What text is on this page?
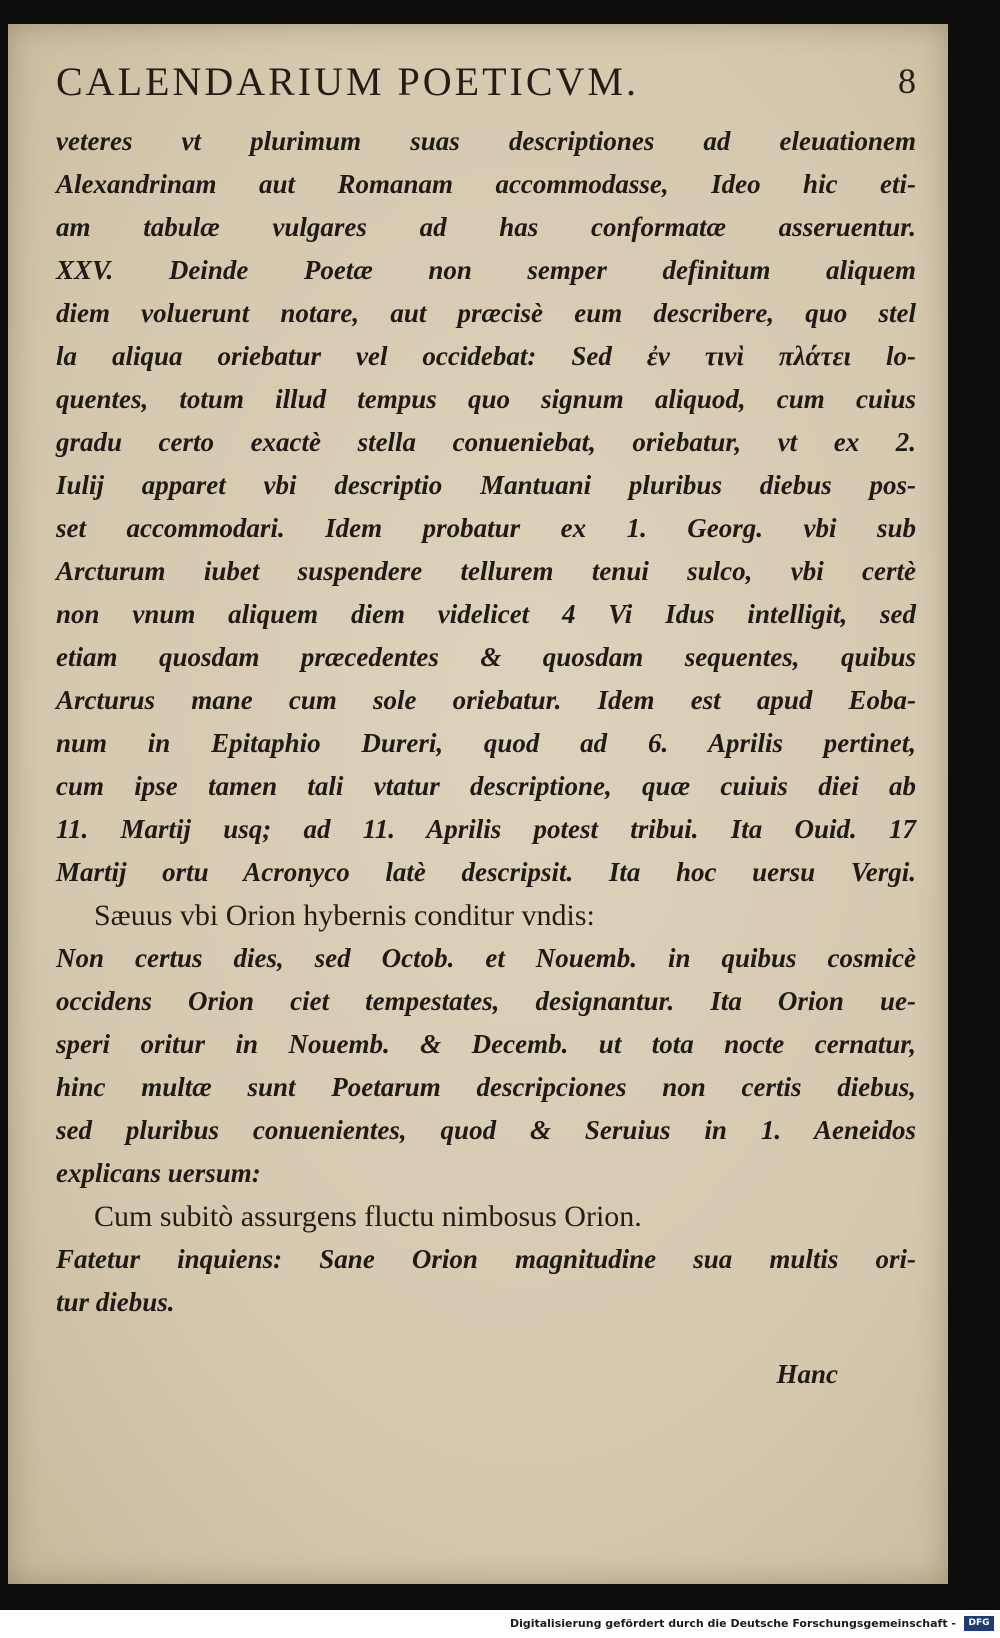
CALENDARIUM POETICVM.	8
veteres vt plurimum suas descriptiones ad eleuationem
Alexandrinam aut Romanam accommodasse, Ideo hic eti-
am tabulæ vulgares ad has conformatæ asseruentur.
XXV. Deinde Poetæ non semper definitum aliquem
diem voluerunt notare, aut præcisè eum describere, quo stel
la aliqua oriebatur vel occidebat: Sed ἐν τινὶ πλάτει lo-
quentes, totum illud tempus quo signum aliquod, cum cuius
gradu certo exactè stella conueniebat, oriebatur, vt ex 2.
Iulij apparet vbi descriptio Mantuani pluribus diebus pos-
set accommodari. Idem probatur ex 1. Georg. vbi sub
Arcturum iubet suspendere tellurem tenui sulco, vbi certè
non vnum aliquem diem videlicet 4 Vi Idus intelligit, sed
etiam quosdam præcedentes & quosdam sequentes, quibus
Arcturus mane cum sole oriebatur. Idem est apud Eoba-
num in Epitaphio Dureri, quod ad 6. Aprilis pertinet,
cum ipse tamen tali vtatur descriptione, quæ cuiuis diei ab
11. Martij usq; ad 11. Aprilis potest tribui. Ita Ouid. 17
Martij ortu Acronyco latè descripsit. Ita hoc uersu Vergi.
Sæuus vbi Orion hybernis conditur vndis:
Non certus dies, sed Octob. et Nouemb. in quibus cosmicè
occidens Orion ciet tempestates, designantur. Ita Orion ue-
speri oritur in Nouemb. & Decemb. ut tota nocte cernatur,
hinc multæ sunt Poetarum descripciones non certis diebus,
sed pluribus conuenientes, quod & Seruius in 1. Aeneidos
explicans uersum:
Cum subitò assurgens fluctu nimbosus Orion.
Fatetur inquiens: Sane Orion magnitudine sua multis ori-
tur diebus.
Hanc
Digitalisierung gefördert durch die Deutsche Forschungsgemeinschaft -	DFG
